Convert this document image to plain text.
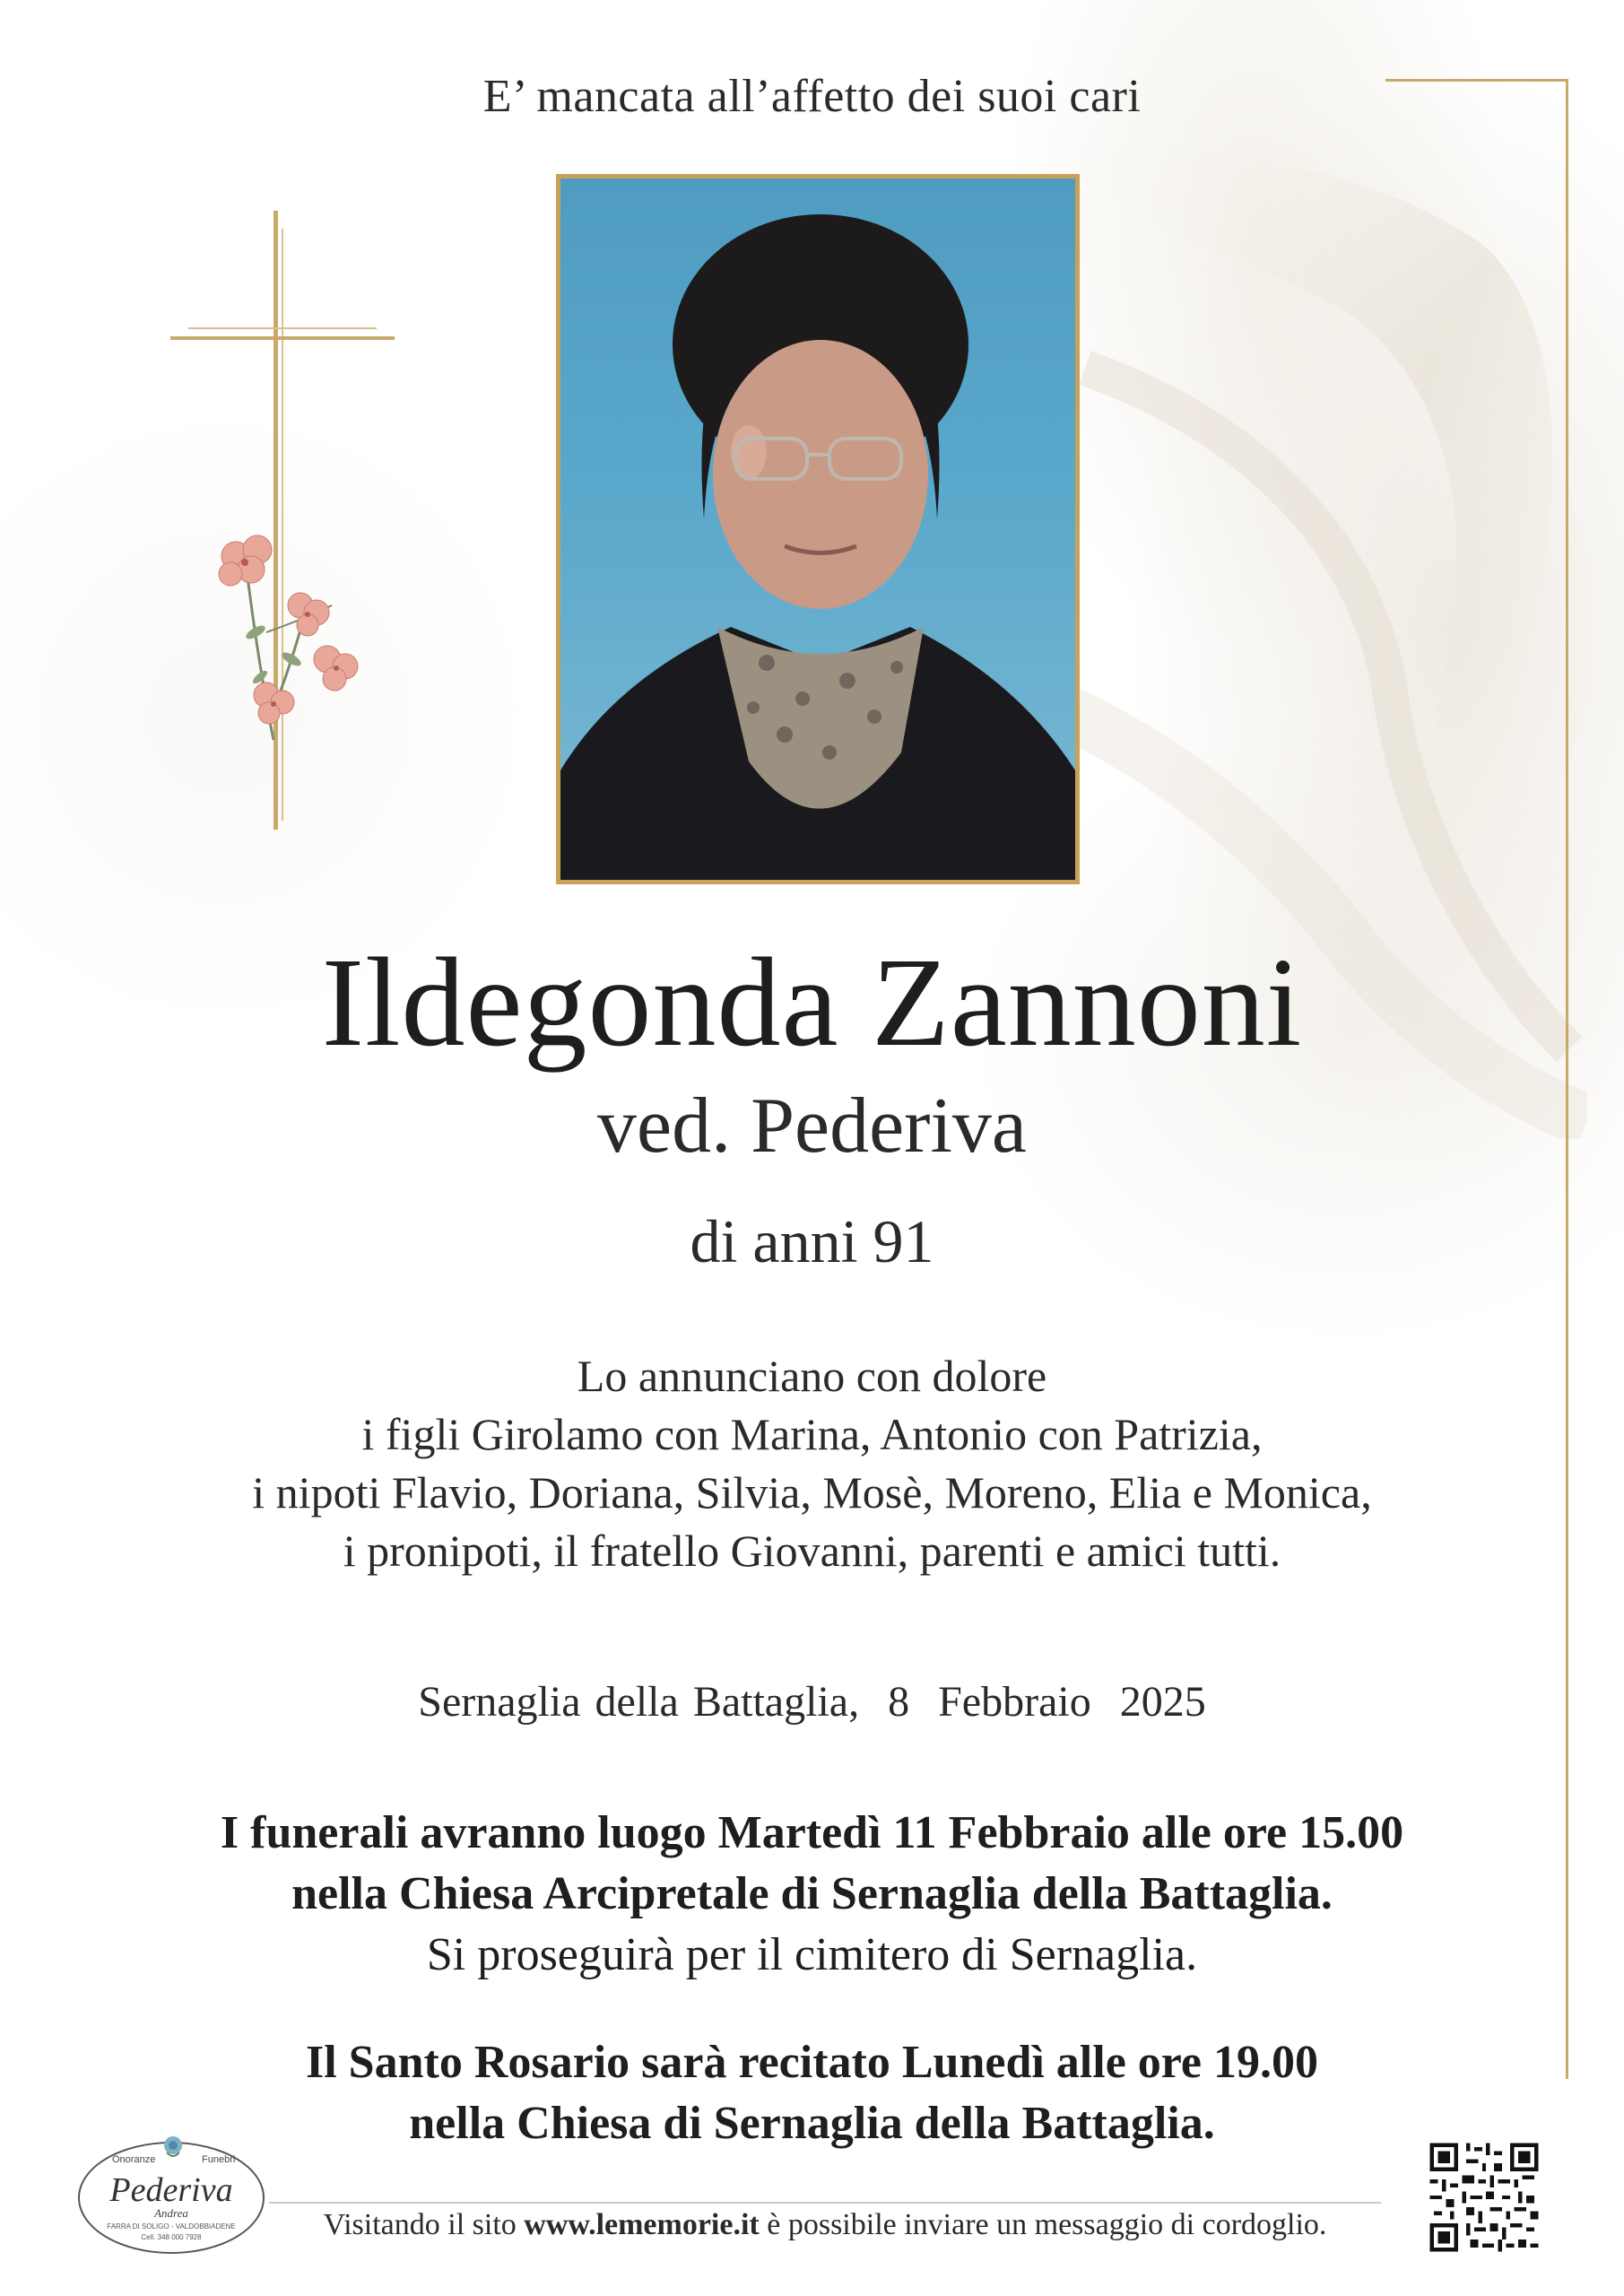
E’ mancata all’affetto dei suoi cari
Ildegonda Zannoni
ved. Pederiva
di anni 91
Lo annunciano con dolore
i figli Girolamo con Marina, Antonio con Patrizia,
i nipoti Flavio, Doriana, Silvia, Mosè, Moreno, Elia e Monica,
i pronipoti, il fratello Giovanni, parenti e amici tutti.
Sernaglia della Battaglia,  8  Febbraio  2025
I funerali avranno luogo Martedì 11 Febbraio alle ore 15.00
nella Chiesa Arcipretale di Sernaglia della Battaglia.
Si proseguirà per il cimitero di Sernaglia.
Il Santo Rosario sarà recitato Lunedì alle ore 19.00
nella Chiesa di Sernaglia della Battaglia.
Onoranze	Funebri
Pederiva
Andrea
FARRA DI SOLIGO - VALDOBBIADENE
Cell. 348 000 7928	Visitando il sito www.lememorie.it è possibile inviare un messaggio di cordoglio.
